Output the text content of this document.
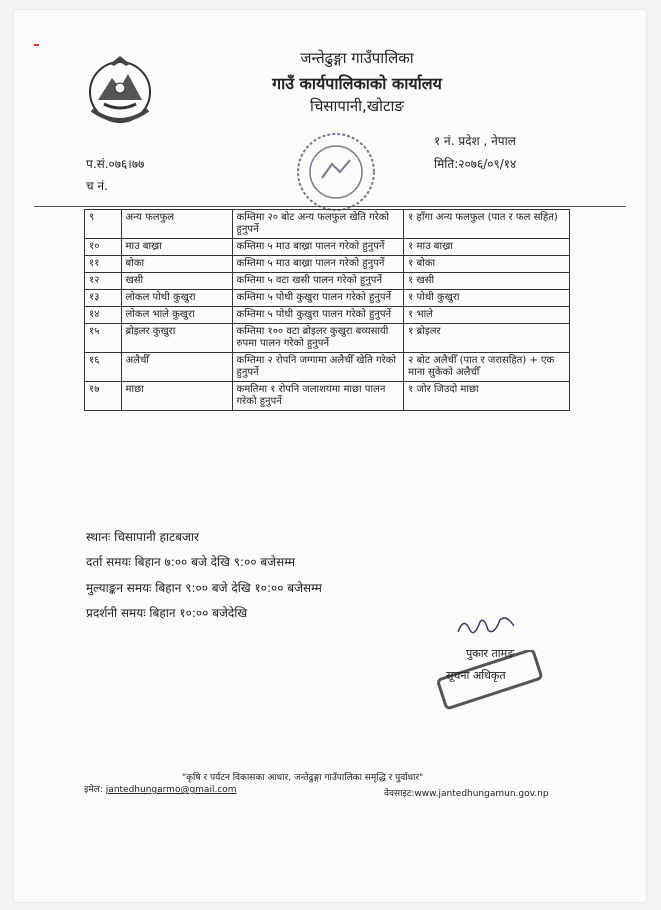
जन्तेढुङ्गा गाउँपालिका
गाउँ कार्यपालिकाको कार्यालय
चिसापानी,खोटाङ
प.सं.०७६।७७
च नं.
१ नं. प्रदेश , नेपाल
मिति:२०७६/०९/१४
९	अन्य फलफुल	कम्तिमा २० बोट अन्य फलफुल खेति गरेको हुनुपर्ने	१ हाँगा अन्य फलफुल (पात र फल सहित)
१०	माउ बाख्रा	कम्तिमा ५ माउ बाख्रा पालन गरेको हुनुपर्ने	१ माउ बाख्रा
११	बोका	कम्तिमा ५ माउ बाख्रा पालन गरेको हुनुपर्ने	१ बोका
१२	खसी	कम्तिमा ५ वटा खसी पालन गरेको हुनुपर्ने	१ खसी
१३	लोकल पोथी कुखुरा	कम्तिमा ५ पोथी कुखुरा पालन गरेको हुनुपर्ने	१ पोथी कुखुरा
१४	लोकल भाले कुखुरा	कम्तिमा ५ पोथी कुखुरा पालन गरेको हुनुपर्ने	१ भाले
१५	ब्रोइलर कुखुरा	कम्तिमा १०० वटा ब्रोइलर कुखुरा बव्यसायी रुपमा पालन गरेको हुनुपर्ने	१ ब्रोइलर
१६	अलैचीँ	कम्तिमा २ रोपनि जग्गामा अलैचीँ खेति गरेको हुनुपर्ने	२ बोट अलैचीँ (पात र जरासहित) + एक माना सुकेको अलैचीँ
१७	माछा	कमतिमा १ रोपनि जलाशयमा माछा पालन गरेको हुनुपर्ने	१ जोर जिउदो माछा
स्थानः चिसापानी हाटबजार
दर्ता समयः बिहान ७:०० बजे देखि ९:०० बजेसम्म
मुल्याङ्कन समयः बिहान ९:०० बजे देखि १०:०० बजेसम्म
प्रदर्शनी समयः बिहान १०:०० बजेदेखि
पुकार तामङ
सूचना अधिकृत
"कृषि र पर्यटन विकासका आधार, जन्तेढुङ्गा गाउँपालिका समृद्धि र पुर्वाधार"
इमेल: jantedhungarmo@gmail.com	वेवसाइट:www.jantedhungamun.gov.np
